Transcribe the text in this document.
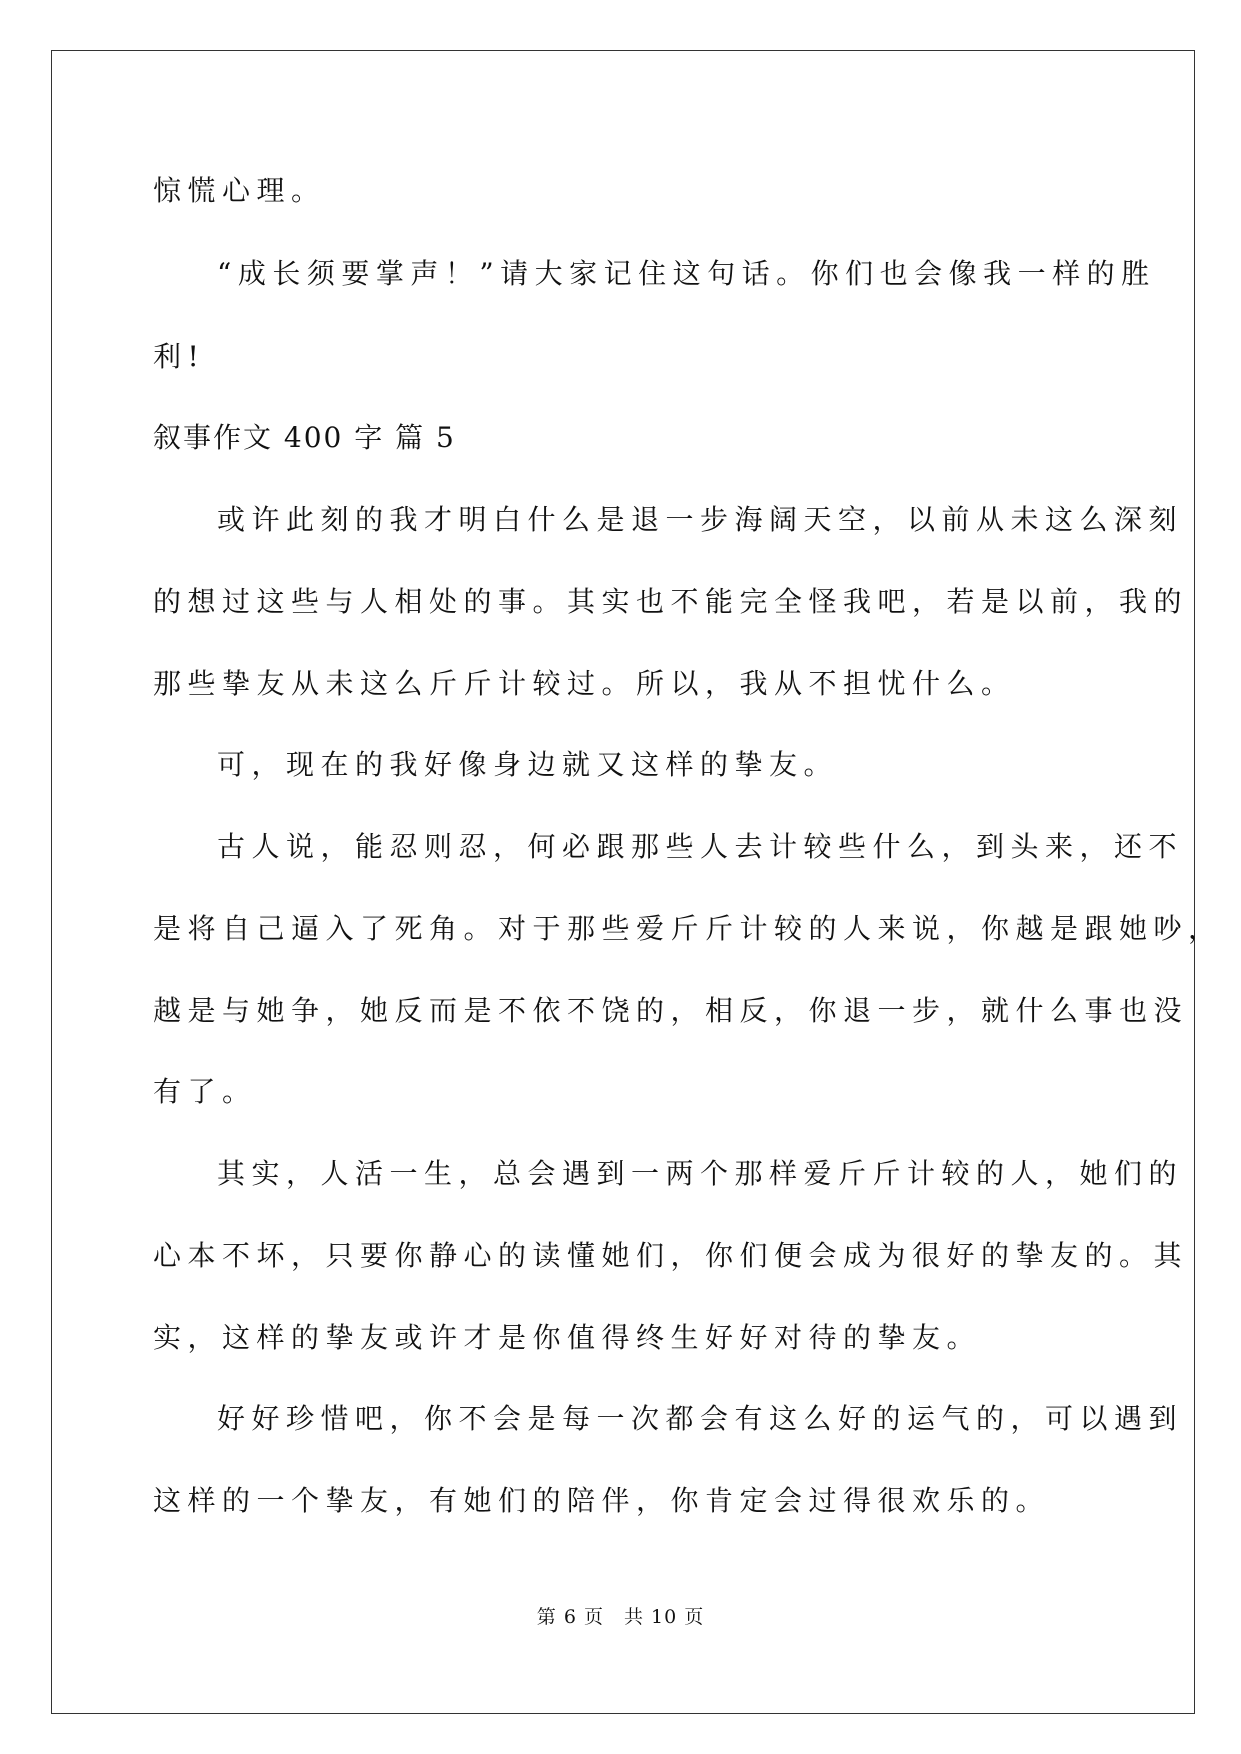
惊慌心理。
“成长须要掌声！”请大家记住这句话。你们也会像我一样的胜
利!
叙事作文 400 字 篇 5
或许此刻的我才明白什么是退一步海阔天空，以前从未这么深刻
的想过这些与人相处的事。其实也不能完全怪我吧，若是以前，我的
那些挚友从未这么斤斤计较过。所以，我从不担忧什么。
可，现在的我好像身边就又这样的挚友。
古人说，能忍则忍，何必跟那些人去计较些什么，到头来，还不
是将自己逼入了死角。对于那些爱斤斤计较的人来说，你越是跟她吵，
越是与她争，她反而是不依不饶的，相反，你退一步，就什么事也没
有了。
其实，人活一生，总会遇到一两个那样爱斤斤计较的人，她们的
心本不坏，只要你静心的读懂她们，你们便会成为很好的挚友的。其
实，这样的挚友或许才是你值得终生好好对待的挚友。
好好珍惜吧，你不会是每一次都会有这么好的运气的，可以遇到
这样的一个挚友，有她们的陪伴，你肯定会过得很欢乐的。
第 6 页 共 10 页
